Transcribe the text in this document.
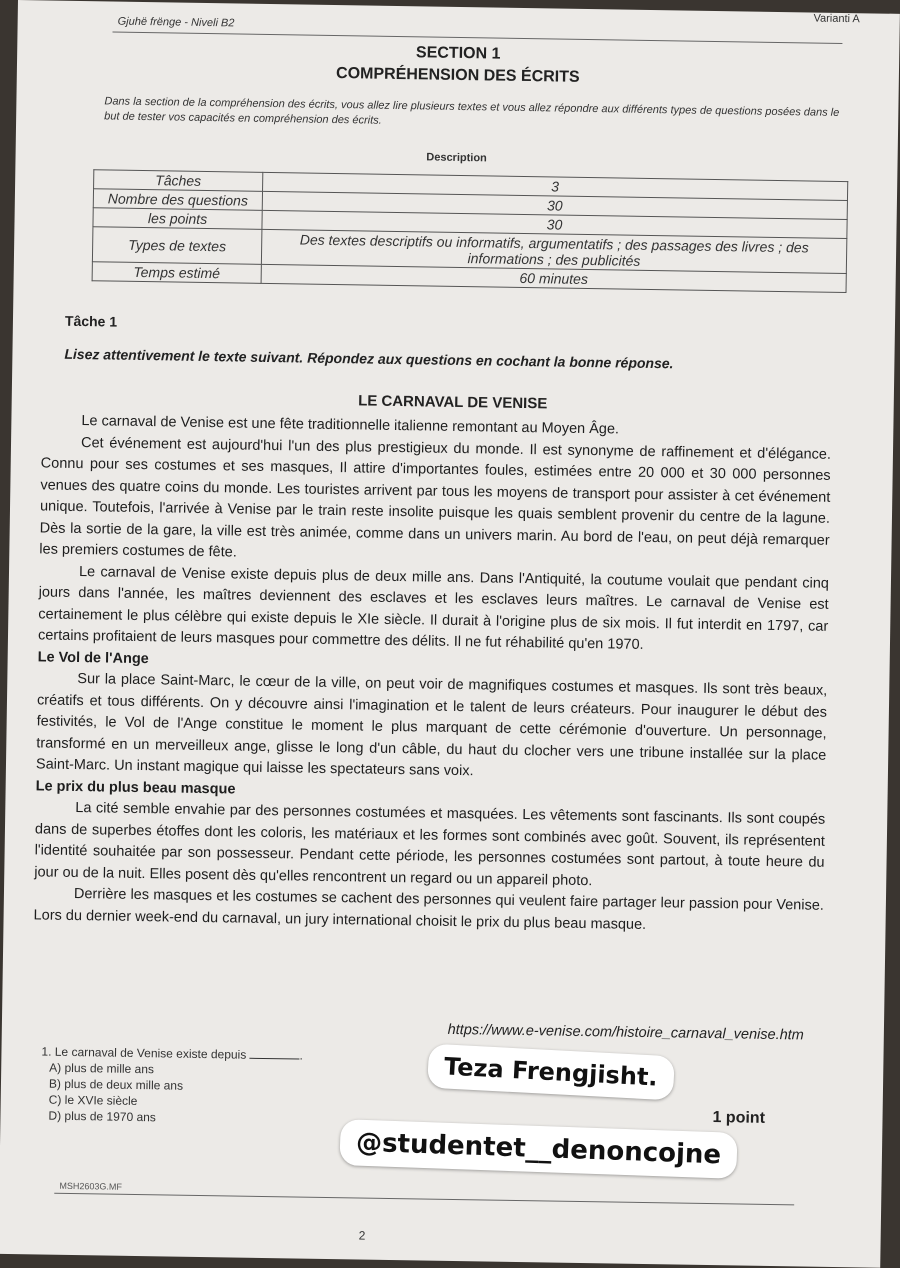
Gjuhë frënge - Niveli B2	Varianti A
SECTION 1
COMPRÉHENSION DES ÉCRITS
Dans la section de la compréhension des écrits, vous allez lire plusieurs textes et vous allez répondre aux différents types de questions posées dans le but de tester vos capacités en compréhension des écrits.
Description
Tâches	3
Nombre des questions	30
les points	30
Types de textes	Des textes descriptifs ou informatifs, argumentatifs ; des passages des livres ; des informations ; des publicités
Temps estimé	60 minutes
Tâche 1
Lisez attentivement le texte suivant. Répondez aux questions en cochant la bonne réponse.
LE CARNAVAL DE VENISE

Le carnaval de Venise est une fête traditionnelle italienne remontant au Moyen Âge.

Cet événement est aujourd'hui l'un des plus prestigieux du monde. Il est synonyme de raffinement et d'élégance. Connu pour ses costumes et ses masques, Il attire d'importantes foules, estimées entre 20 000 et 30 000 personnes venues des quatre coins du monde. Les touristes arrivent par tous les moyens de transport pour assister à cet événement unique. Toutefois, l'arrivée à Venise par le train reste insolite puisque les quais semblent provenir du centre de la lagune. Dès la sortie de la gare, la ville est très animée, comme dans un univers marin. Au bord de l'eau, on peut déjà remarquer les premiers costumes de fête.

Le carnaval de Venise existe depuis plus de deux mille ans. Dans l'Antiquité, la coutume voulait que pendant cinq jours dans l'année, les maîtres deviennent des esclaves et les esclaves leurs maîtres. Le carnaval de Venise est certainement le plus célèbre qui existe depuis le XIe siècle. Il durait à l'origine plus de six mois. Il fut interdit en 1797, car certains profitaient de leurs masques pour commettre des délits. Il ne fut réhabilité qu'en 1970.

Le Vol de l'Ange

Sur la place Saint-Marc, le cœur de la ville, on peut voir de magnifiques costumes et masques. Ils sont très beaux, créatifs et tous différents. On y découvre ainsi l'imagination et le talent de leurs créateurs. Pour inaugurer le début des festivités, le Vol de l'Ange constitue le moment le plus marquant de cette cérémonie d'ouverture. Un personnage, transformé en un merveilleux ange, glisse le long d'un câble, du haut du clocher vers une tribune installée sur la place Saint-Marc. Un instant magique qui laisse les spectateurs sans voix.

Le prix du plus beau masque

La cité semble envahie par des personnes costumées et masquées. Les vêtements sont fascinants. Ils sont coupés dans de superbes étoffes dont les coloris, les matériaux et les formes sont combinés avec goût. Souvent, ils représentent l'identité souhaitée par son possesseur. Pendant cette période, les personnes costumées sont partout, à toute heure du jour ou de la nuit. Elles posent dès qu'elles rencontrent un regard ou un appareil photo.

Derrière les masques et les costumes se cachent des personnes qui veulent faire partager leur passion pour Venise. Lors du dernier week-end du carnaval, un jury international choisit le prix du plus beau masque.

https://www.e-venise.com/histoire_carnaval_venise.htm
1. Le carnaval de Venise existe depuis	.
A) plus de mille ans
B) plus de deux mille ans
C) le XVIe siècle
D) plus de 1970 ans	1 point
MSH2603G.MF
2
Teza Frengjisht.
@studentet__denoncojne
